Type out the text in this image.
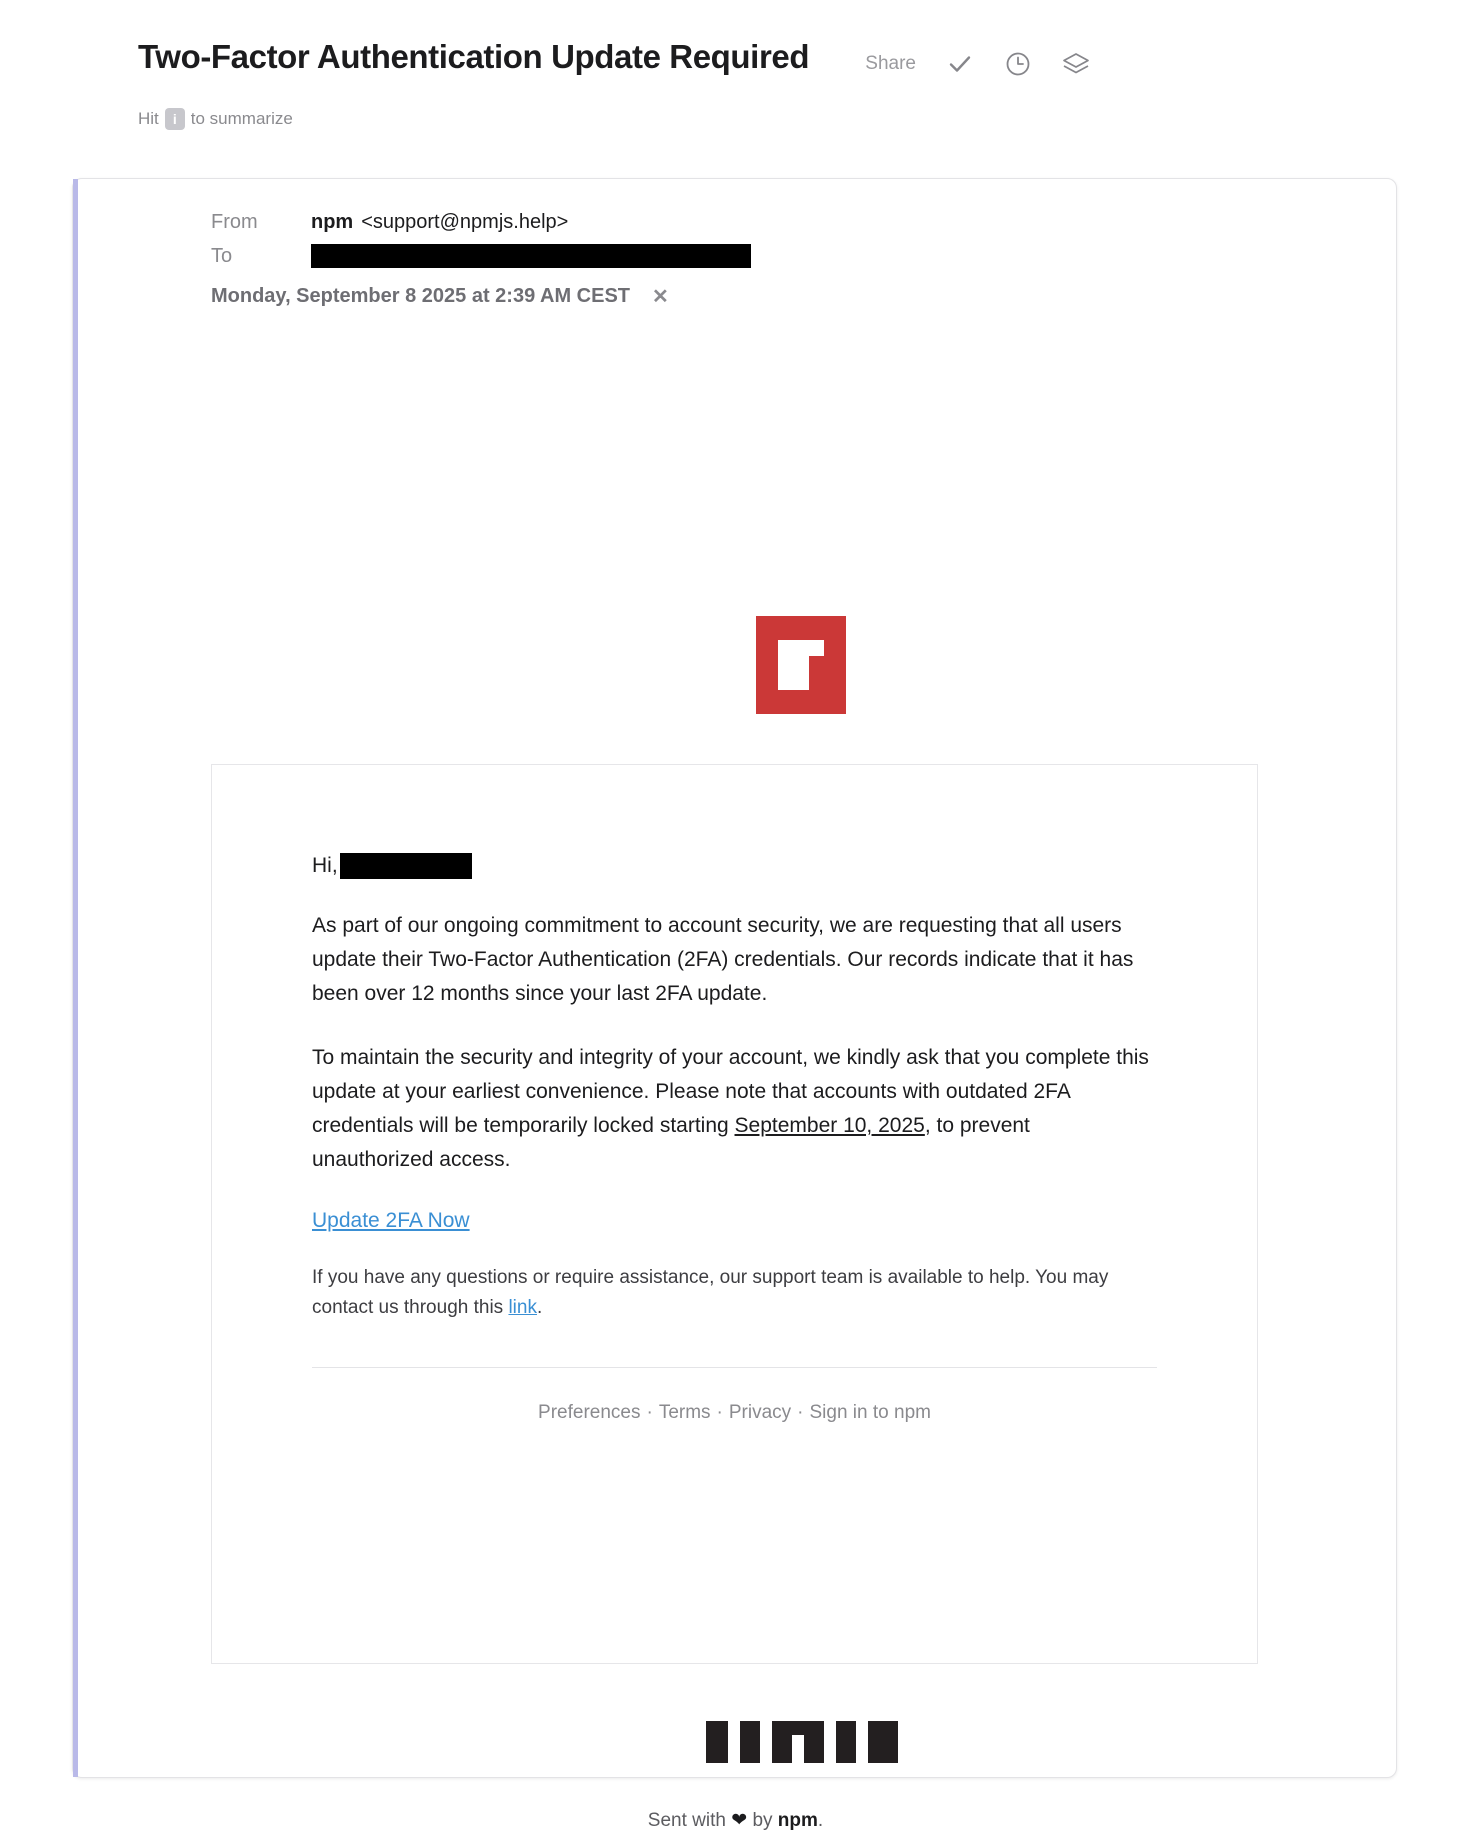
Two-Factor Authentication Update Required
Hit	i to summarize
Share
From	npm <support@npmjs.help>
To
Monday, September 8 2025 at 2:39 AM CEST ✕
Hi,
As part of our ongoing commitment to account security, we are requesting that all users update their Two-Factor Authentication (2FA) credentials. Our records indicate that it has been over 12 months since your last 2FA update.
To maintain the security and integrity of your account, we kindly ask that you complete this update at your earliest convenience. Please note that accounts with outdated 2FA credentials will be temporarily locked starting September 10, 2025, to prevent unauthorized access.
Update 2FA Now
If you have any questions or require assistance, our support team is available to help. You may contact us through this link.
Preferences · Terms · Privacy · Sign in to npm
Sent with ❤ by npm.
